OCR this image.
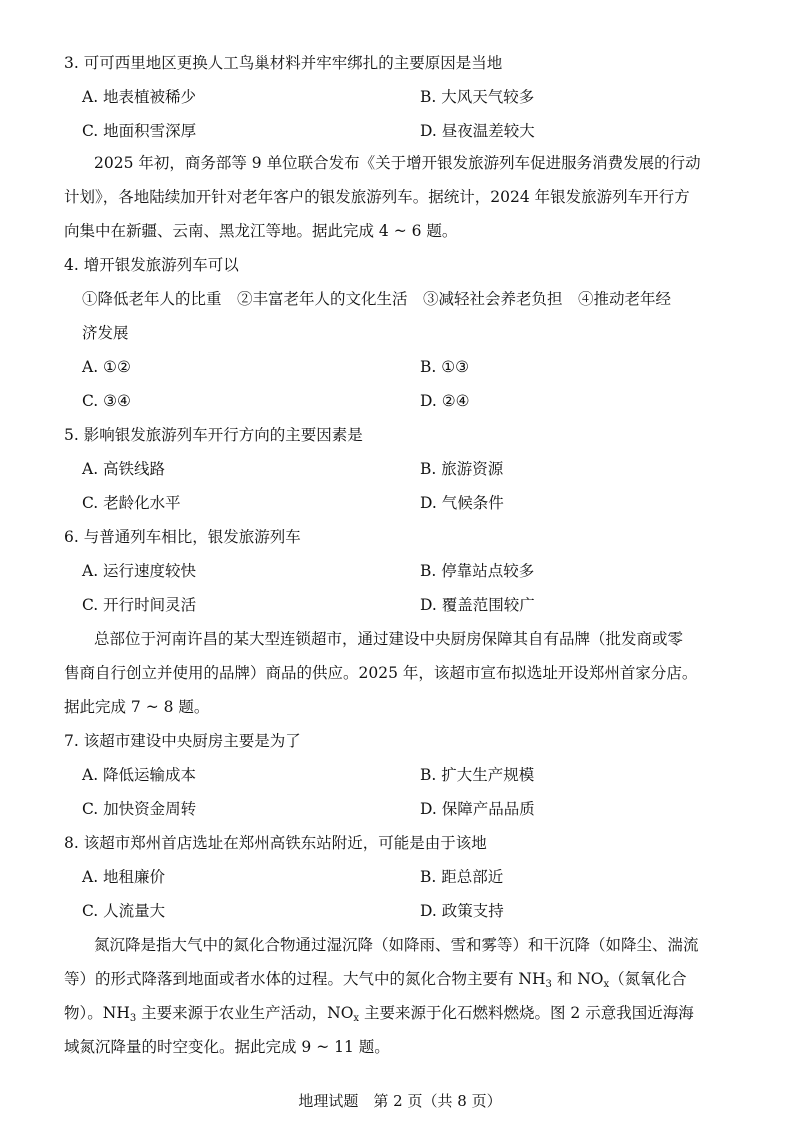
3. 可可西里地区更换人工鸟巢材料并牢牢绑扎的主要原因是当地
A. 地表植被稀少	B. 大风天气较多
C. 地面积雪深厚	D. 昼夜温差较大
2025 年初，商务部等 9 单位联合发布《关于增开银发旅游列车促进服务消费发展的行动
计划》，各地陆续加开针对老年客户的银发旅游列车。据统计，2024 年银发旅游列车开行方
向集中在新疆、云南、黑龙江等地。据此完成 4 ~ 6 题。
4. 增开银发旅游列车可以
①降低老年人的比重　②丰富老年人的文化生活　③减轻社会养老负担　④推动老年经
济发展
A. ①②	B. ①③
C. ③④	D. ②④
5. 影响银发旅游列车开行方向的主要因素是
A. 高铁线路	B. 旅游资源
C. 老龄化水平	D. 气候条件
6. 与普通列车相比，银发旅游列车
A. 运行速度较快	B. 停靠站点较多
C. 开行时间灵活	D. 覆盖范围较广
总部位于河南许昌的某大型连锁超市，通过建设中央厨房保障其自有品牌（批发商或零
售商自行创立并使用的品牌）商品的供应。2025 年，该超市宣布拟选址开设郑州首家分店。
据此完成 7 ~ 8 题。
7. 该超市建设中央厨房主要是为了
A. 降低运输成本	B. 扩大生产规模
C. 加快资金周转	D. 保障产品品质
8. 该超市郑州首店选址在郑州高铁东站附近，可能是由于该地
A. 地租廉价	B. 距总部近
C. 人流量大	D. 政策支持
氮沉降是指大气中的氮化合物通过湿沉降（如降雨、雪和雾等）和干沉降（如降尘、湍流
等）的形式降落到地面或者水体的过程。大气中的氮化合物主要有 $NH_3$ 和 $NO_x$（氮氧化合
物）。$NH_3$ 主要来源于农业生产活动，$NO_x$ 主要来源于化石燃料燃烧。图 2 示意我国近海海
域氮沉降量的时空变化。据此完成 9 ~ 11 题。
地理试题　第 2 页（共 8 页）
